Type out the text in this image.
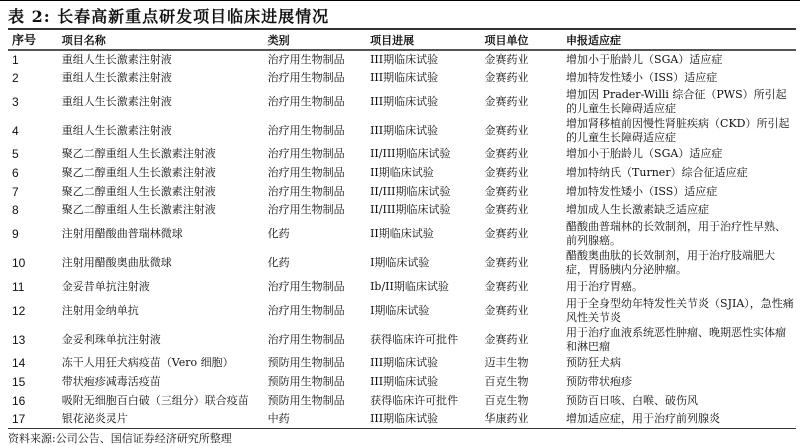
表 2: 长春高新重点研发项目临床进展情况
序号	项目名称	类别	项目进展	项目单位	申报适应症
1	重组人生长激素注射液	治疗用生物制品	III期临床试验	金赛药业	增加小于胎龄儿（SGA）适应症
2	重组人生长激素注射液	治疗用生物制品	III期临床试验	金赛药业	增加特发性矮小（ISS）适应症
3	重组人生长激素注射液	治疗用生物制品	III期临床试验	金赛药业	增加因 Prader-Willi 综合征（PWS）所引起的儿童生长障碍适应症
4	重组人生长激素注射液	治疗用生物制品	III期临床试验	金赛药业	增加肾移植前因慢性肾脏疾病（CKD）所引起的儿童生长障碍适应症
5	聚乙二醇重组人生长激素注射液	治疗用生物制品	II/III期临床试验	金赛药业	增加小于胎龄儿（SGA）适应症
6	聚乙二醇重组人生长激素注射液	治疗用生物制品	II期临床试验	金赛药业	增加特纳氏（Turner）综合征适应症
7	聚乙二醇重组人生长激素注射液	治疗用生物制品	II/III期临床试验	金赛药业	增加特发性矮小（ISS）适应症
8	聚乙二醇重组人生长激素注射液	治疗用生物制品	II/III期临床试验	金赛药业	增加成人生长激素缺乏适应症
9	注射用醋酸曲普瑞林微球	化药	II期临床试验	金赛药业	醋酸曲普瑞林的长效制剂，用于治疗性早熟、前列腺癌。
10	注射用醋酸奥曲肽微球	化药	I期临床试验	金赛药业	醋酸奥曲肽的长效制剂，用于治疗肢端肥大症，胃肠胰内分泌肿瘤。
11	金妥昔单抗注射液	治疗用生物制品	Ib/II期临床试验	金赛药业	用于治疗胃癌。
12	注射用金纳单抗	治疗用生物制品	I期临床试验	金赛药业	用于全身型幼年特发性关节炎（SJIA），急性痛风性关节炎
13	金妥利珠单抗注射液	治疗用生物制品	获得临床许可批件	金赛药业	用于治疗血液系统恶性肿瘤、晚期恶性实体瘤和淋巴瘤
14	冻干人用狂犬病疫苗（Vero 细胞）	预防用生物制品	III期临床试验	迈丰生物	预防狂犬病
15	带状疱疹减毒活疫苗	预防用生物制品	III期临床试验	百克生物	预防带状疱疹
16	吸附无细胞百白破（三组分）联合疫苗	预防用生物制品	获得临床许可批件	百克生物	预防百日咳、白喉、破伤风
17	银花泌炎灵片	中药	III期临床试验	华康药业	增加适应症，用于治疗前列腺炎
资料来源:公司公告、国信证券经济研究所整理
